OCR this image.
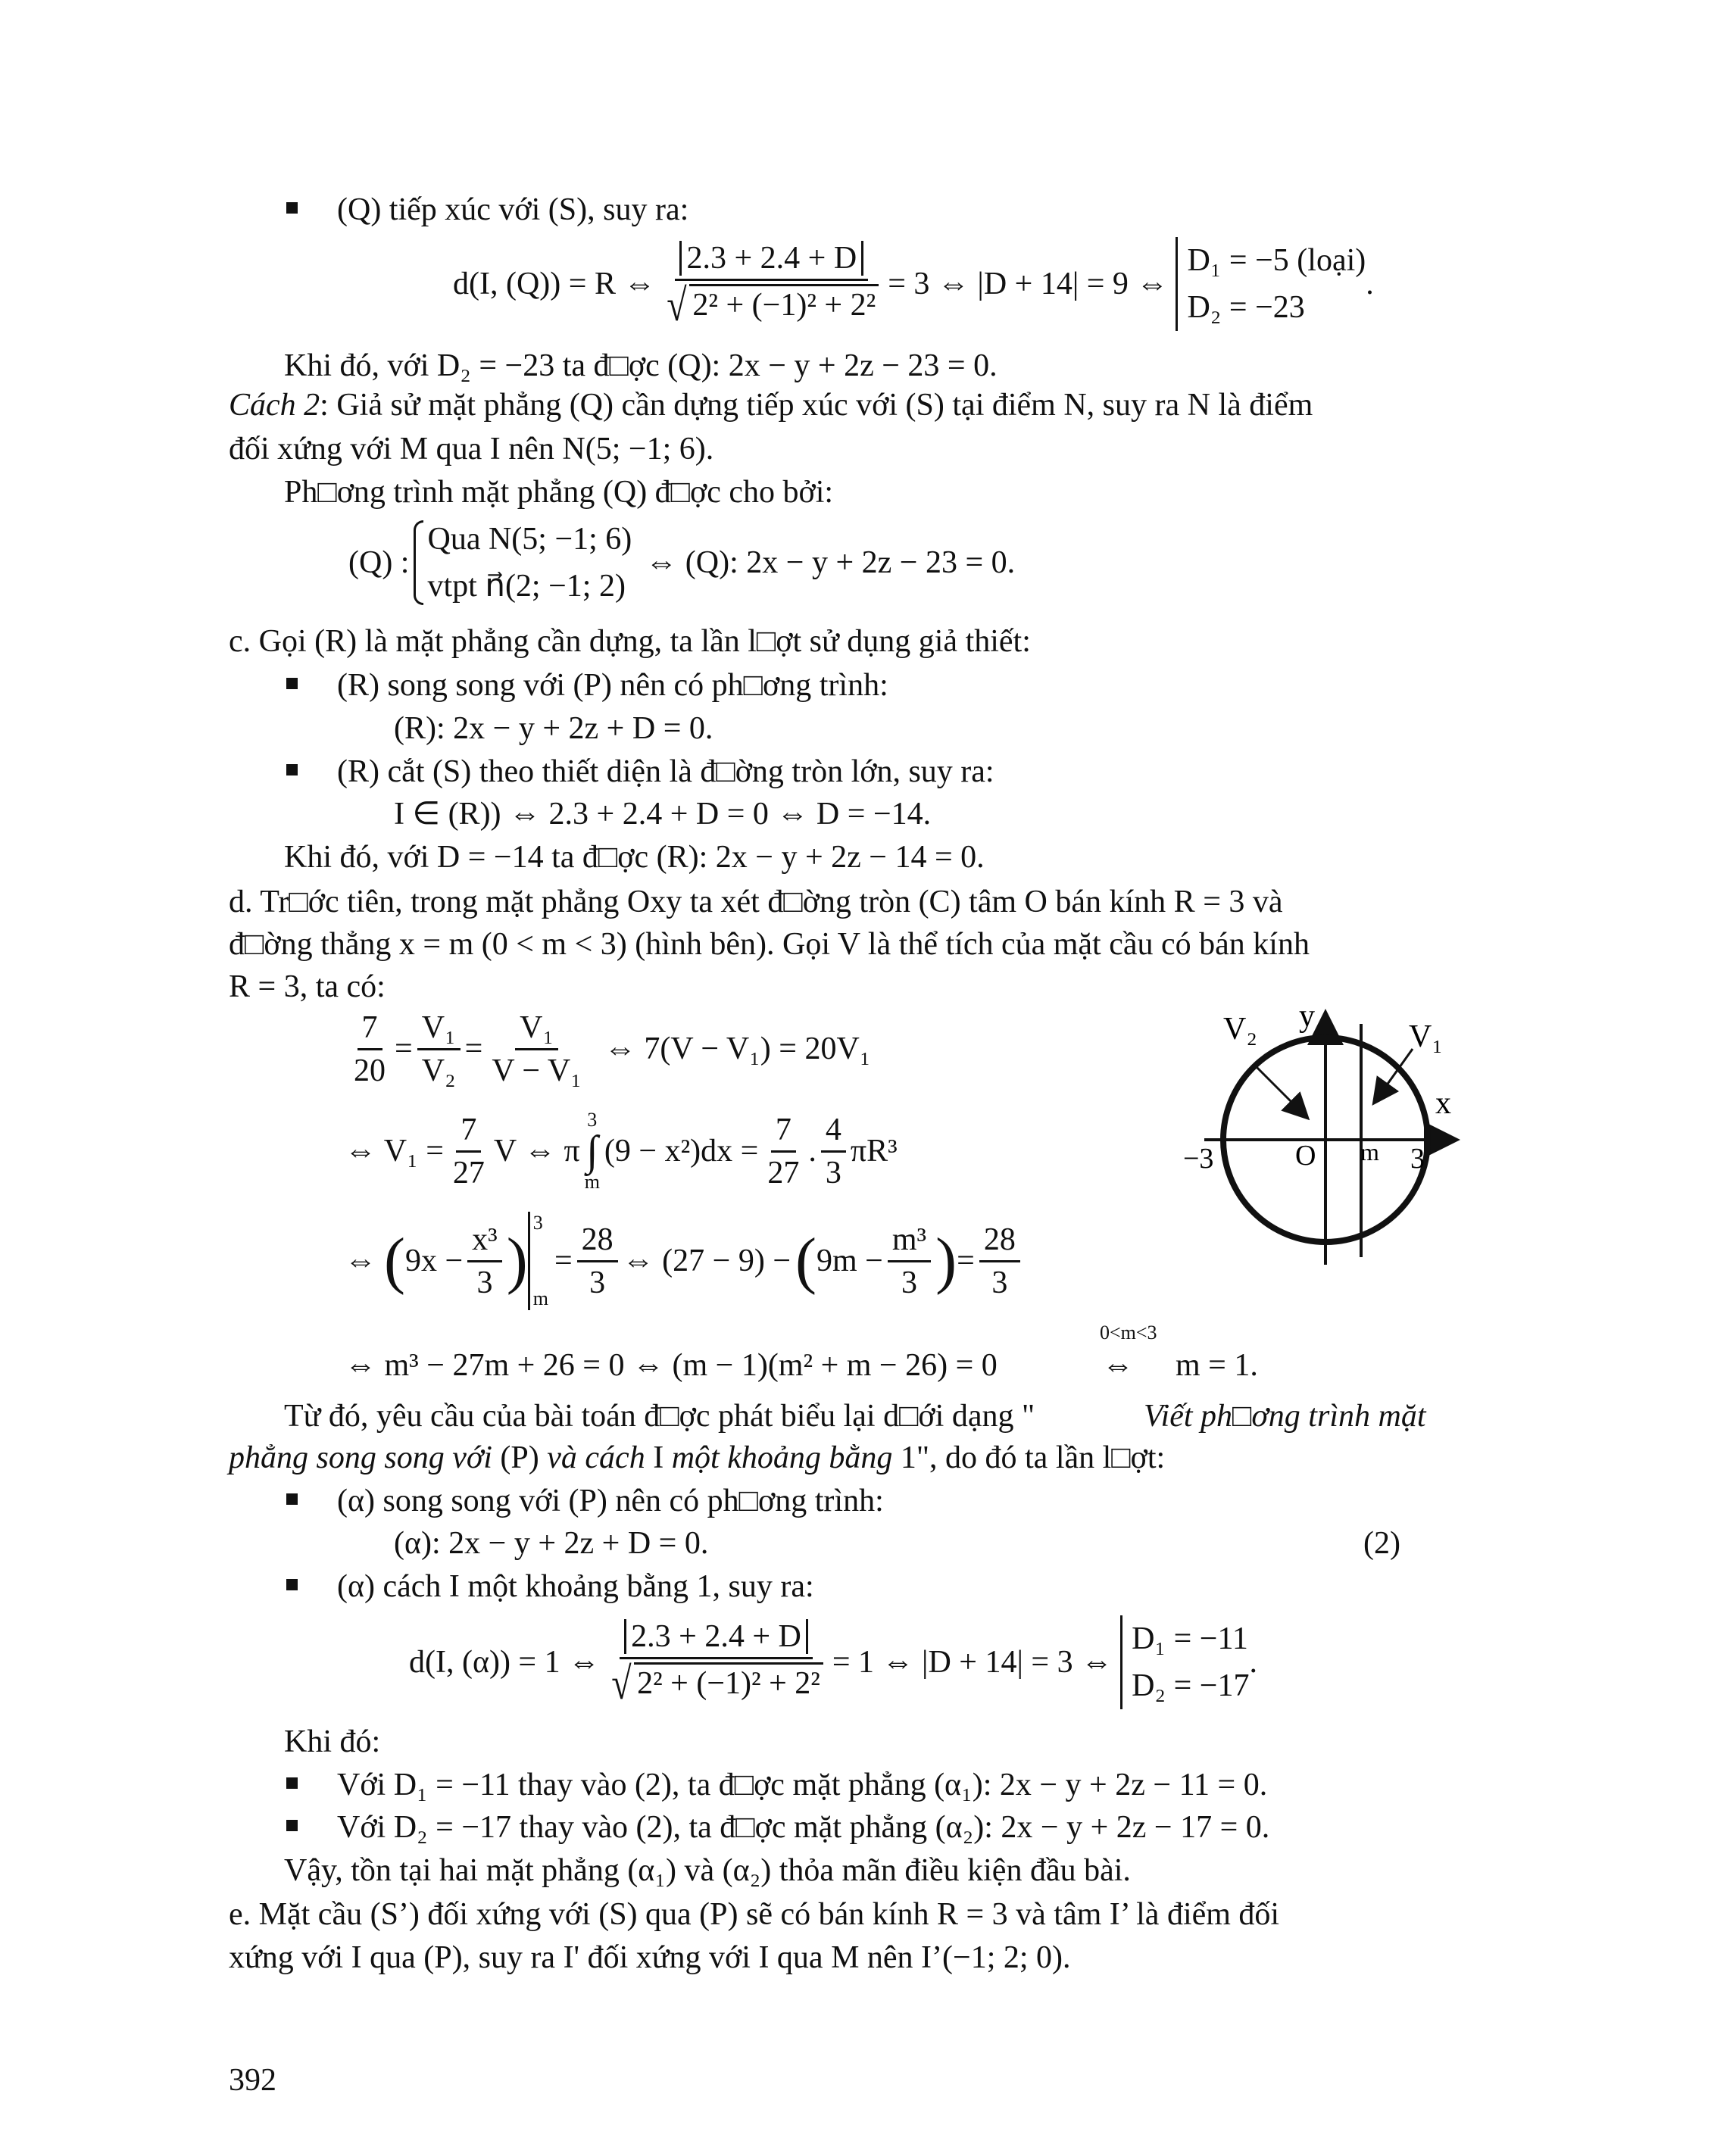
(Q) tiếp xúc với (S), suy ra:
d(I, (Q)) = R ⇔ $\frac{2.3 + 2.4 + D}{\text{√ 2² + (−1)² + 2²}} = 3$ ⇔ |D + 14| = 9 ⇔
D₁ = −5 (loại)
D₂ = −23
.
Khi đó, với D₂ = −23 ta đ□ợc (Q): 2x − y + 2z − 23 = 0.
Cách 2: Giả sử mặt phẳng (Q) cần dựng tiếp xúc với (S) tại điểm N, suy ra N là điểm
đối xứng với M qua I nên N(5; −1; 6).
Ph□ơng trình mặt phẳng (Q) đ□ợc cho bởi:
(Q) :
Qua N(5; −1; 6)
vtpt n⃗(2; −1; 2)
⇔ (Q): 2x − y + 2z − 23 = 0.
c. Gọi (R) là mặt phẳng cần dựng, ta lần l□ợt sử dụng giả thiết:
(R) song song với (P) nên có ph□ơng trình:
(R): 2x − y + 2z + D = 0.
(R) cắt (S) theo thiết diện là đ□ờng tròn lớn, suy ra:
I ∈ (R)) ⇔ 2.3 + 2.4 + D = 0 ⇔ D = −14.
Khi đó, với D = −14 ta đ□ợc (R): 2x − y + 2z − 14 = 0.
d. Tr□ớc tiên, trong mặt phẳng Oxy ta xét đ□ờng tròn (C) tâm O bán kính R = 3 và
đ□ờng thẳng x = m (0 < m < 3) (hình bên). Gọi V là thể tích của mặt cầu có bán kính
R = 3, ta có:
$\frac{7}{20} = \frac{\text{V₁}}{\text{V₂}} = \frac{\text{V₁}}{\text{V − V₁}}$ ⇔ 7(V − V₁) = 20V₁
⇔ $V_1 = \frac{7}{27}$ V ⇔ π
3
∫
m
$(9 - x^2)dx = \frac{7}{27}$ . $\frac{4}{3} \pi R^3$
⇔ ( $9x - \frac{\text{x³}}{3}$ )
3
m
= $\frac{28}{3}$ ⇔ (27 − 9) − ( $9m - \frac{\text{m³}}{3}$ ) = $\frac{28}{3}$
⇔ m³ − 27m + 26 = 0 ⇔ (m − 1)(m² + m − 26) = 0
0<m<3
⇔ m = 1.
y
x
V₂	V₁
O m
−3	3
Từ đó, yêu cầu của bài toán đ□ợc phát biểu lại d□ới dạng "	Viết ph□ơng trình mặt
phẳng song song với (P) và cách I một khoảng bằng 1", do đó ta lần l□ợt:
(α) song song với (P) nên có ph□ơng trình:
(α): 2x − y + 2z + D = 0.	(2)
(α) cách I một khoảng bằng 1, suy ra:
d(I, (α)) = 1 ⇔ $\frac{2.3 + 2.4 + D}{\text{√ 2² + (−1)² + 2²}} = 1$ ⇔ |D + 14| = 3 ⇔
D₁ = −11
D₂ = −17
.
Khi đó:
Với D₁ = −11 thay vào (2), ta đ□ợc mặt phẳng (α₁): 2x − y + 2z − 11 = 0.
Với D₂ = −17 thay vào (2), ta đ□ợc mặt phẳng (α₂): 2x − y + 2z − 17 = 0.
Vậy, tồn tại hai mặt phẳng (α₁) và (α₂) thỏa mãn điều kiện đầu bài.
e. Mặt cầu (S’) đối xứng với (S) qua (P) sẽ có bán kính R = 3 và tâm I’ là điểm đối
xứng với I qua (P), suy ra I' đối xứng với I qua M nên I’(−1; 2; 0).
392
